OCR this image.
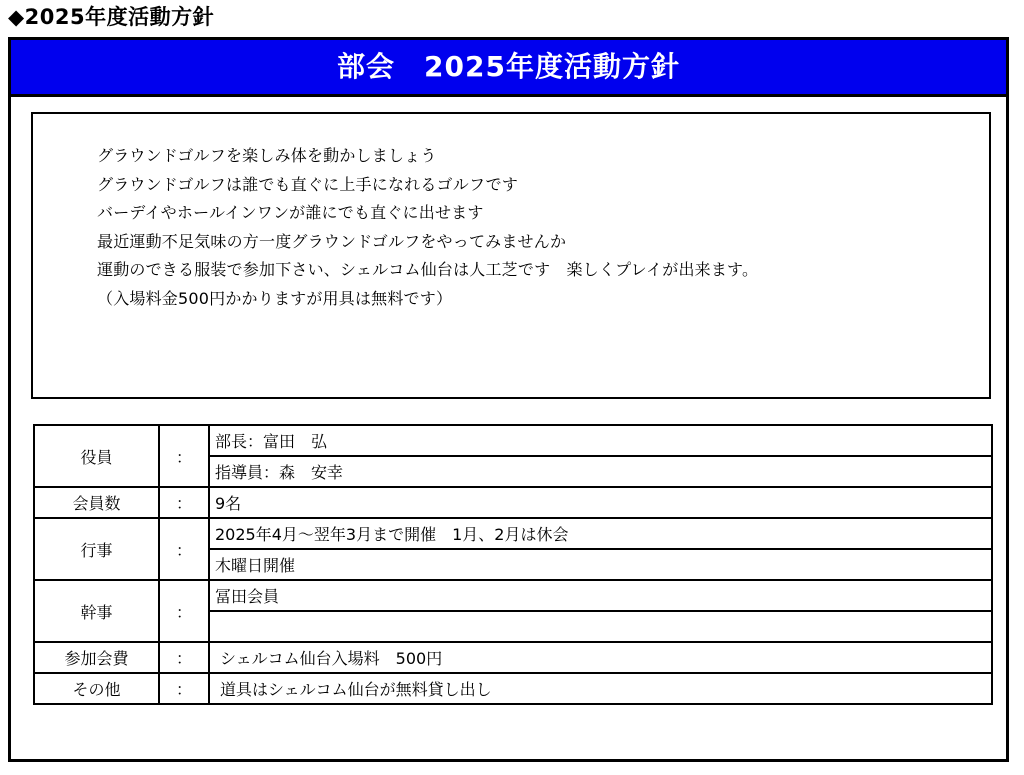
◆2025年度活動方針
部会　2025年度活動方針
グラウンドゴルフを楽しみ体を動かしましょう
グラウンドゴルフは誰でも直ぐに上手になれるゴルフです
バーデイやホールインワンが誰にでも直ぐに出せます
最近運動不足気味の方一度グラウンドゴルフをやってみませんか
運動のできる服装で参加下さい、シェルコム仙台は人工芝です　楽しくプレイが出来ます。
（入場料金500円かかりますが用具は無料です）
役員	：	部長：富田　弘
		指導員：森　安幸
会員数	：	9名
行事	：	2025年4月～翌年3月まで開催　1月、2月は休会
		木曜日開催
幹事	：	冨田会員

参加会費	：	シェルコム仙台入場料　500円
その他	：	道具はシェルコム仙台が無料貸し出し
